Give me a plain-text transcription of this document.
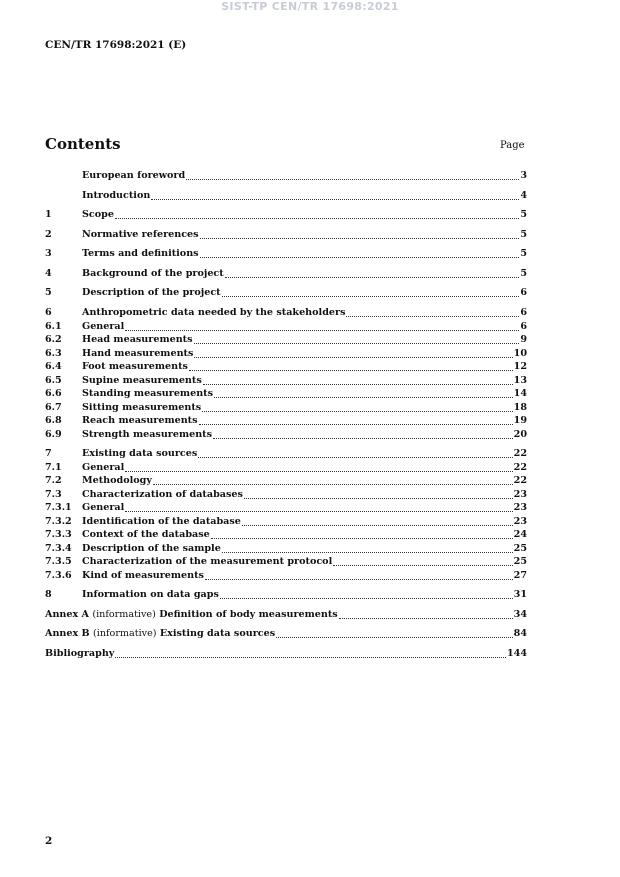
SIST-TP CEN/TR 17698:2021
CEN/TR 17698:2021 (E)
Contents	Page
European foreword	3
Introduction	4
1	Scope	5
2	Normative references	5
3	Terms and definitions	5
4	Background of the project	5
5	Description of the project	6
6	Anthropometric data needed by the stakeholders	6
6.1	General	6
6.2	Head measurements	9
6.3	Hand measurements	10
6.4	Foot measurements	12
6.5	Supine measurements	13
6.6	Standing measurements	14
6.7	Sitting measurements	18
6.8	Reach measurements	19
6.9	Strength measurements	20
7	Existing data sources	22
7.1	General	22
7.2	Methodology	22
7.3	Characterization of databases	23
7.3.1	General	23
7.3.2	Identification of the database	23
7.3.3	Context of the database	24
7.3.4	Description of the sample	25
7.3.5	Characterization of the measurement protocol	25
7.3.6	Kind of measurements	27
8	Information on data gaps	31
Annex A (informative) Definition of body measurements	34
Annex B (informative) Existing data sources	84
Bibliography	144
2
